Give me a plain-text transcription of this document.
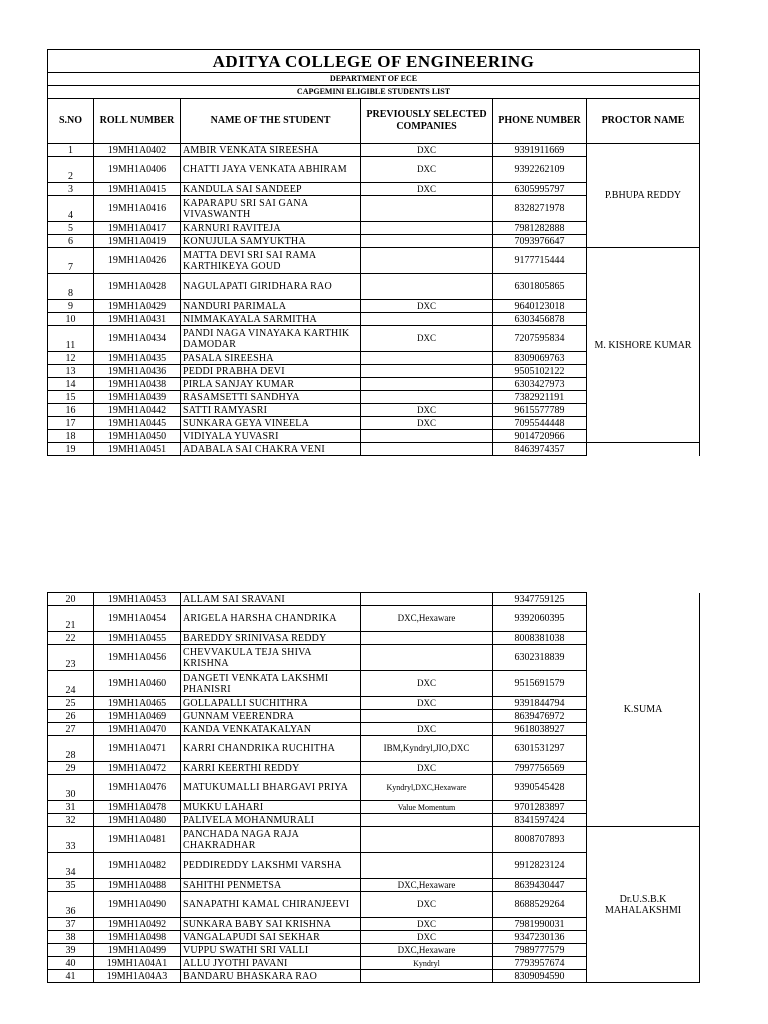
ADITYA COLLEGE OF ENGINEERING					
DEPARTMENT OF ECE					
CAPGEMINI ELIGIBLE STUDENTS LIST					
S.NO	ROLL NUMBER	NAME OF THE STUDENT	PREVIOUSLY SELECTED COMPANIES	PHONE NUMBER	PROCTOR NAME
1	19MH1A0402	AMBIR VENKATA SIREESHA	DXC	9391911669	P.BHUPA REDDY
2	19MH1A0406	CHATTI JAYA VENKATA ABHIRAM	DXC	9392262109	
3	19MH1A0415	KANDULA SAI SANDEEP	DXC	6305995797	
4	19MH1A0416	KAPARAPU SRI SAI GANA VIVASWANTH		8328271978	
5	19MH1A0417	KARNURI RAVITEJA		7981282888	
6	19MH1A0419	KONUJULA SAMYUKTHA		7093976647	
7	19MH1A0426	MATTA DEVI SRI SAI RAMA KARTHIKEYA GOUD		9177715444	M. KISHORE KUMAR
8	19MH1A0428	NAGULAPATI GIRIDHARA RAO		6301805865	
9	19MH1A0429	NANDURI PARIMALA	DXC	9640123018	
10	19MH1A0431	NIMMAKAYALA SARMITHA		6303456878	
11	19MH1A0434	PANDI NAGA VINAYAKA KARTHIK DAMODAR	DXC	7207595834	
12	19MH1A0435	PASALA SIREESHA		8309069763	
13	19MH1A0436	PEDDI PRABHA DEVI		9505102122	
14	19MH1A0438	PIRLA SANJAY KUMAR		6303427973	
15	19MH1A0439	RASAMSETTI SANDHYA		7382921191	
16	19MH1A0442	SATTI RAMYASRI	DXC	9615577789	
17	19MH1A0445	SUNKARA GEYA VINEELA	DXC	7095544448	
18	19MH1A0450	VIDIYALA YUVASRI		9014720966	
19	19MH1A0451	ADABALA SAI CHAKRA VENI		8463974357	
20	19MH1A0453	ALLAM SAI SRAVANI		9347759125	K.SUMA
21	19MH1A0454	ARIGELA HARSHA CHANDRIKA	DXC,Hexaware	9392060395	
22	19MH1A0455	BAREDDY SRINIVASA REDDY		8008381038	
23	19MH1A0456	CHEVVAKULA TEJA SHIVA KRISHNA		6302318839	
24	19MH1A0460	DANGETI VENKATA LAKSHMI PHANISRI	DXC	9515691579	
25	19MH1A0465	GOLLAPALLI SUCHITHRA	DXC	9391844794	
26	19MH1A0469	GUNNAM VEERENDRA		8639476972	
27	19MH1A0470	KANDA VENKATAKALYAN	DXC	9618038927	
28	19MH1A0471	KARRI CHANDRIKA RUCHITHA	IBM,Kyndryl,JIO,DXC	6301531297	
29	19MH1A0472	KARRI KEERTHI REDDY	DXC	7997756569	
30	19MH1A0476	MATUKUMALLI BHARGAVI PRIYA	Kyndryl,DXC,Hexaware	9390545428	
31	19MH1A0478	MUKKU LAHARI	Value Momentum	9701283897	
32	19MH1A0480	PALIVELA MOHANMURALI		8341597424	
33	19MH1A0481	PANCHADA NAGA RAJA CHAKRADHAR		8008707893	Dr.U.S.B.K MAHALAKSHMI
34	19MH1A0482	PEDDIREDDY LAKSHMI VARSHA		9912823124	
35	19MH1A0488	SAHITHI PENMETSA	DXC,Hexaware	8639430447	
36	19MH1A0490	SANAPATHI KAMAL CHIRANJEEVI	DXC	8688529264	
37	19MH1A0492	SUNKARA BABY SAI KRISHNA	DXC	7981990031	
38	19MH1A0498	VANGALAPUDI SAI SEKHAR	DXC	9347230136	
39	19MH1A0499	VUPPU SWATHI SRI VALLI	DXC,Hexaware	7989777579	
40	19MH1A04A1	ALLU JYOTHI PAVANI	Kyndryl	7793957674	
41	19MH1A04A3	BANDARU BHASKARA RAO		8309094590	
